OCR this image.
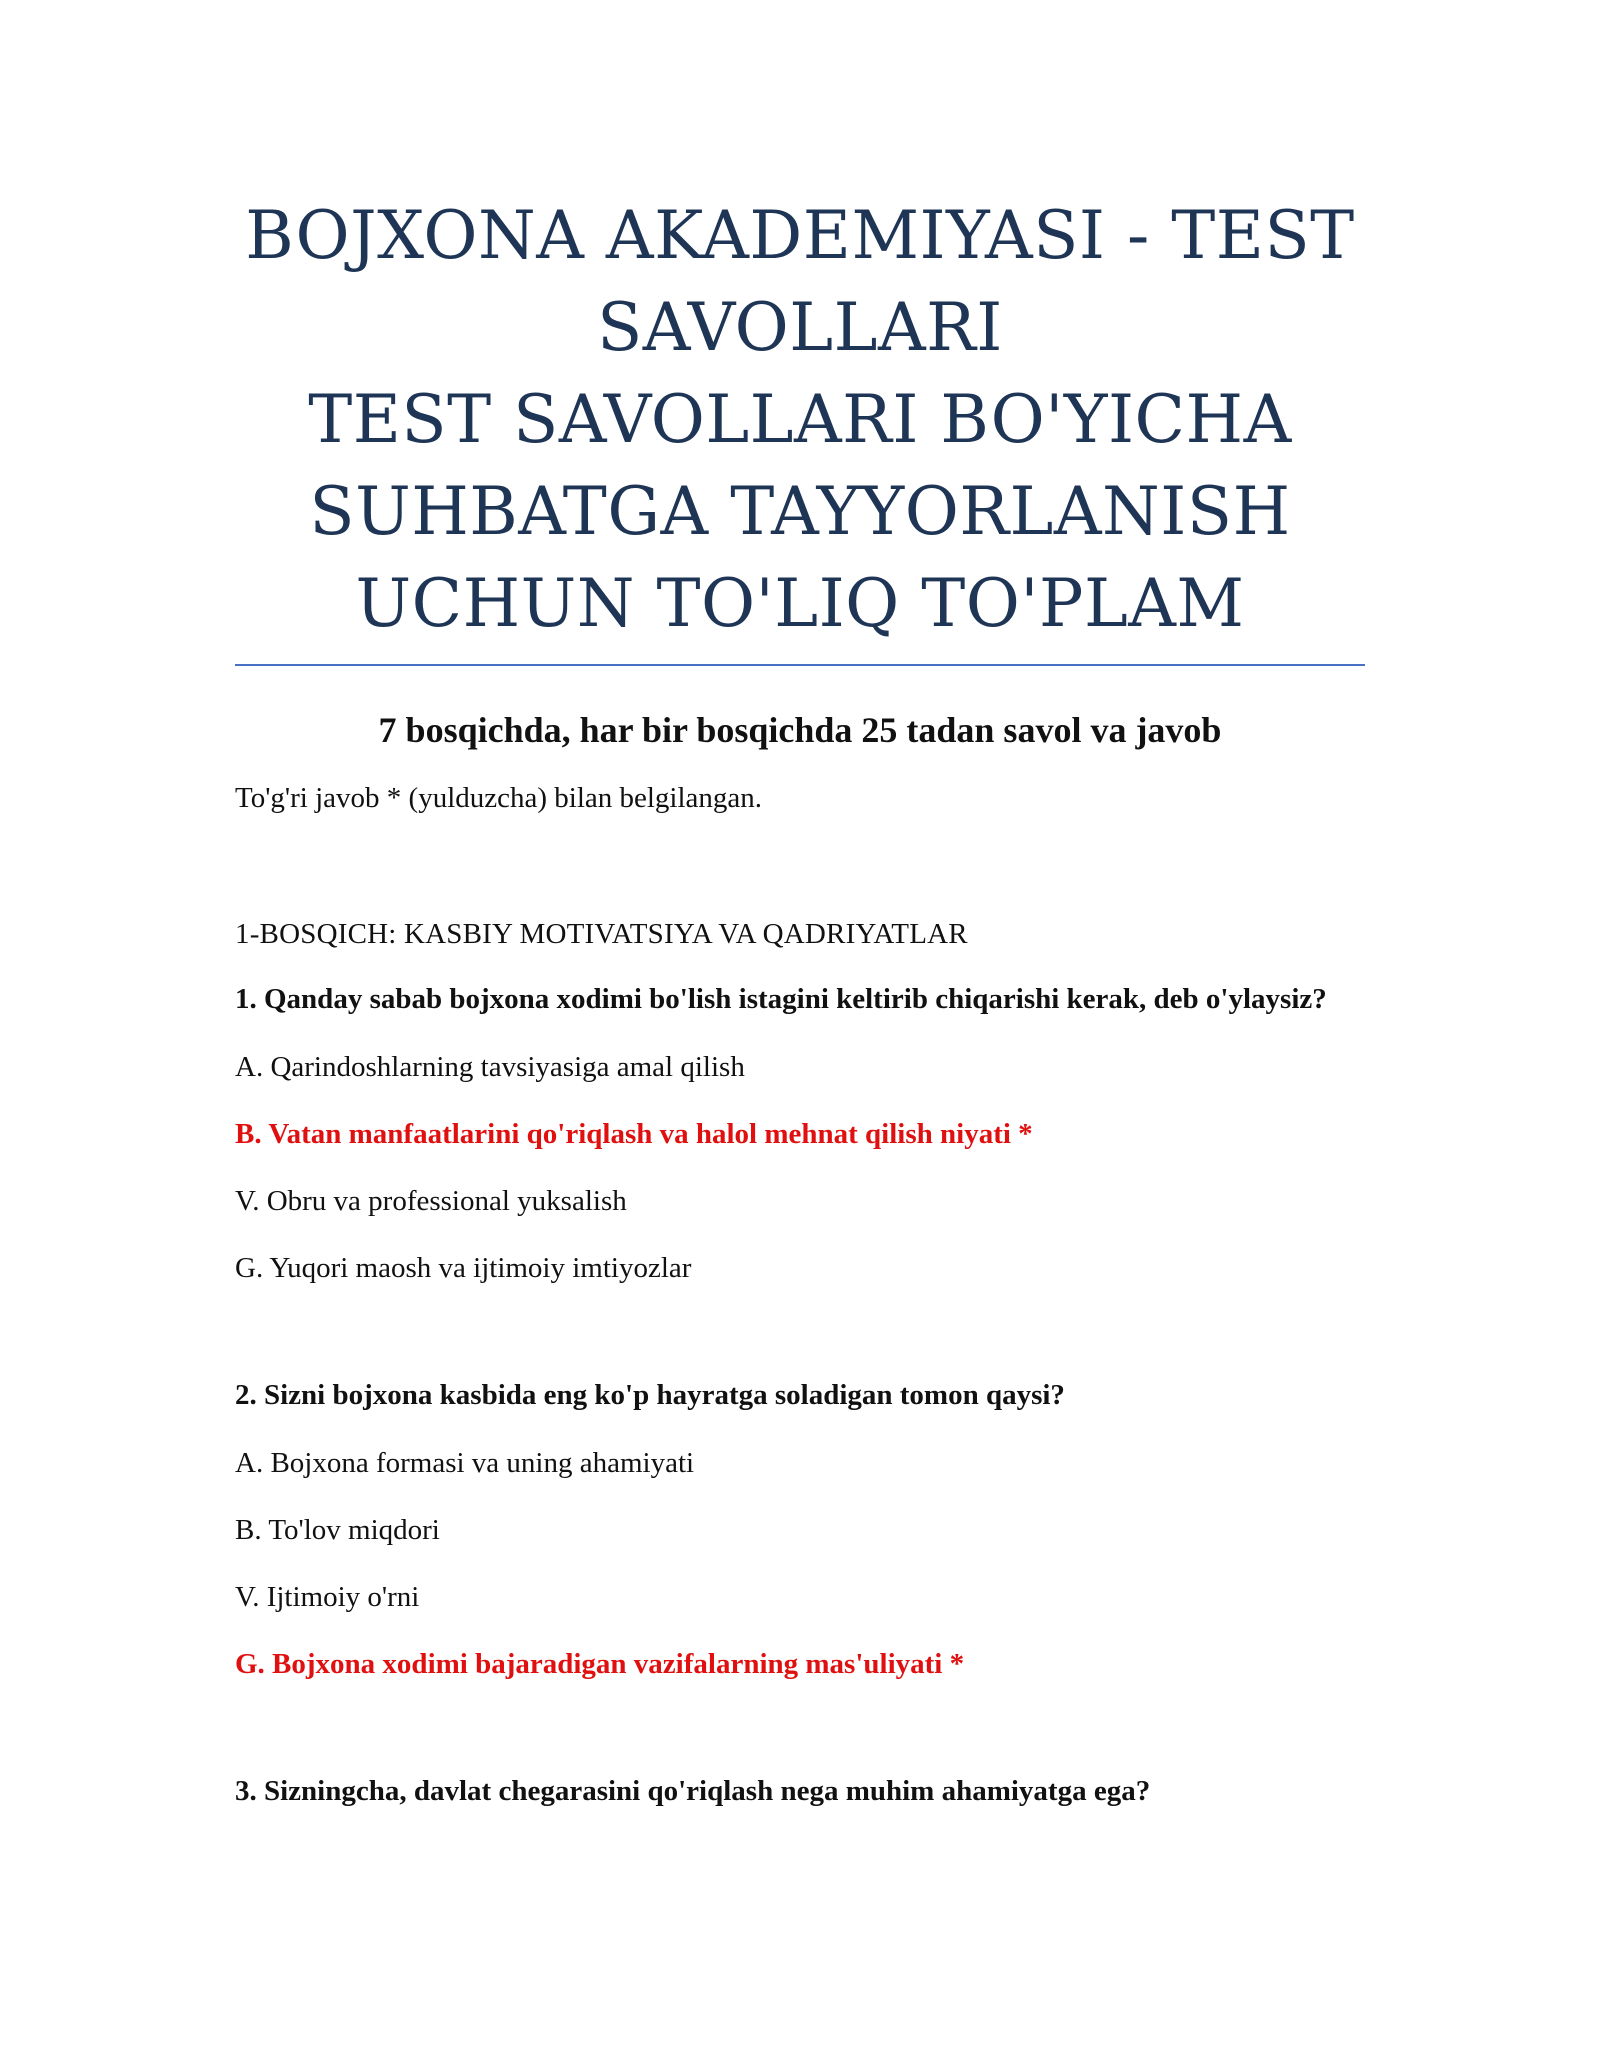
BOJXONA AKADEMIYASI - TEST
SAVOLLARI
TEST SAVOLLARI BO'YICHA
SUHBATGA TAYYORLANISH
UCHUN TO'LIQ TO'PLAM
7 bosqichda, har bir bosqichda 25 tadan savol va javob
To'g'ri javob * (yulduzcha) bilan belgilangan.
1-BOSQICH: KASBIY MOTIVATSIYA VA QADRIYATLAR
1. Qanday sabab bojxona xodimi bo'lish istagini keltirib chiqarishi kerak, deb o'ylaysiz?
A. Qarindoshlarning tavsiyasiga amal qilish
B. Vatan manfaatlarini qo'riqlash va halol mehnat qilish niyati *
V. Obru va professional yuksalish
G. Yuqori maosh va ijtimoiy imtiyozlar
2. Sizni bojxona kasbida eng ko'p hayratga soladigan tomon qaysi?
A. Bojxona formasi va uning ahamiyati
B. To'lov miqdori
V. Ijtimoiy o'rni
G. Bojxona xodimi bajaradigan vazifalarning mas'uliyati *
3. Sizningcha, davlat chegarasini qo'riqlash nega muhim ahamiyatga ega?
